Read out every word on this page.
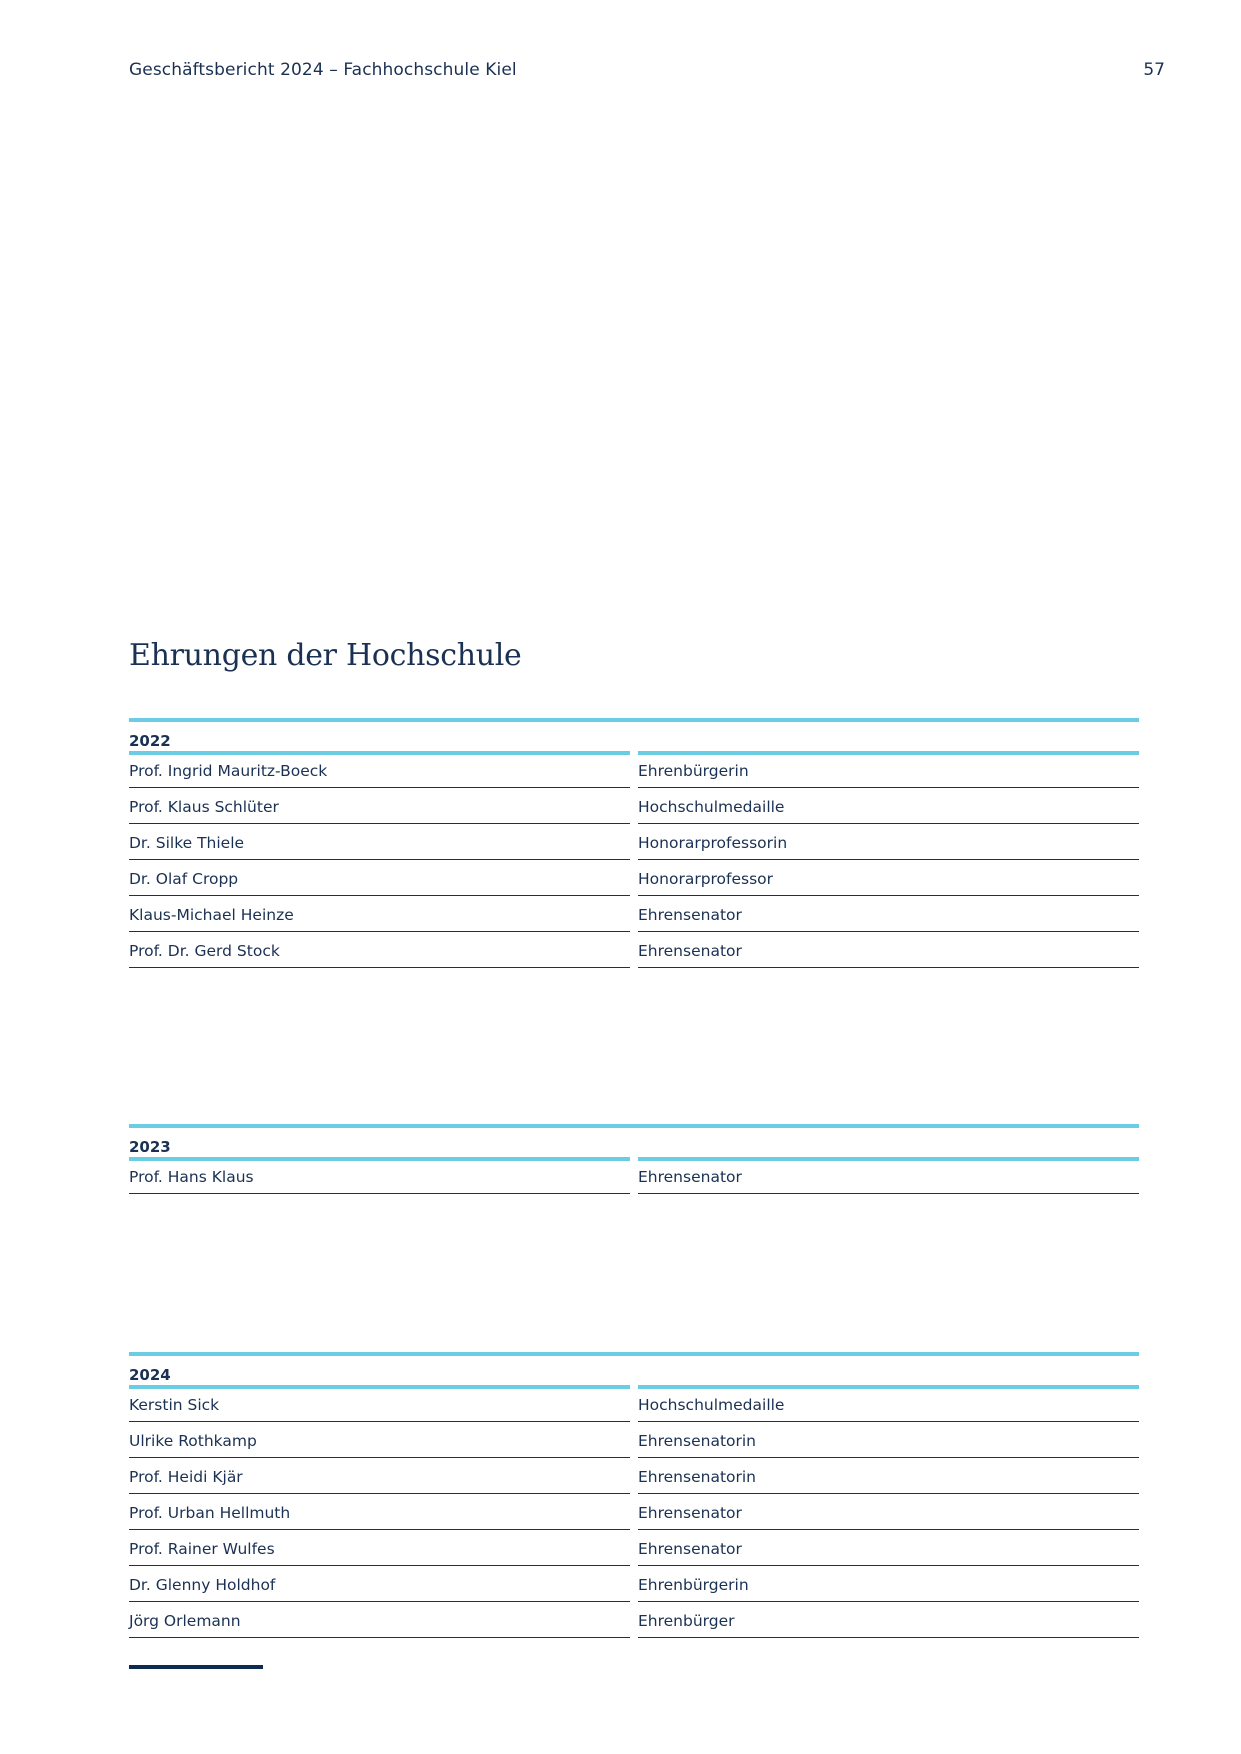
Geschäftsbericht 2024 – Fachhochschule Kiel	57
Ehrungen der Hochschule
2022
Prof. Ingrid Mauritz-Boeck	Ehrenbürgerin
Prof. Klaus Schlüter	Hochschulmedaille
Dr. Silke Thiele	Honorarprofessorin
Dr. Olaf Cropp	Honorarprofessor
Klaus-Michael Heinze	Ehrensenator
Prof. Dr. Gerd Stock	Ehrensenator
2023
Prof. Hans Klaus	Ehrensenator
2024
Kerstin Sick	Hochschulmedaille
Ulrike Rothkamp	Ehrensenatorin
Prof. Heidi Kjär	Ehrensenatorin
Prof. Urban Hellmuth	Ehrensenator
Prof. Rainer Wulfes	Ehrensenator
Dr. Glenny Holdhof	Ehrenbürgerin
Jörg Orlemann	Ehrenbürger
